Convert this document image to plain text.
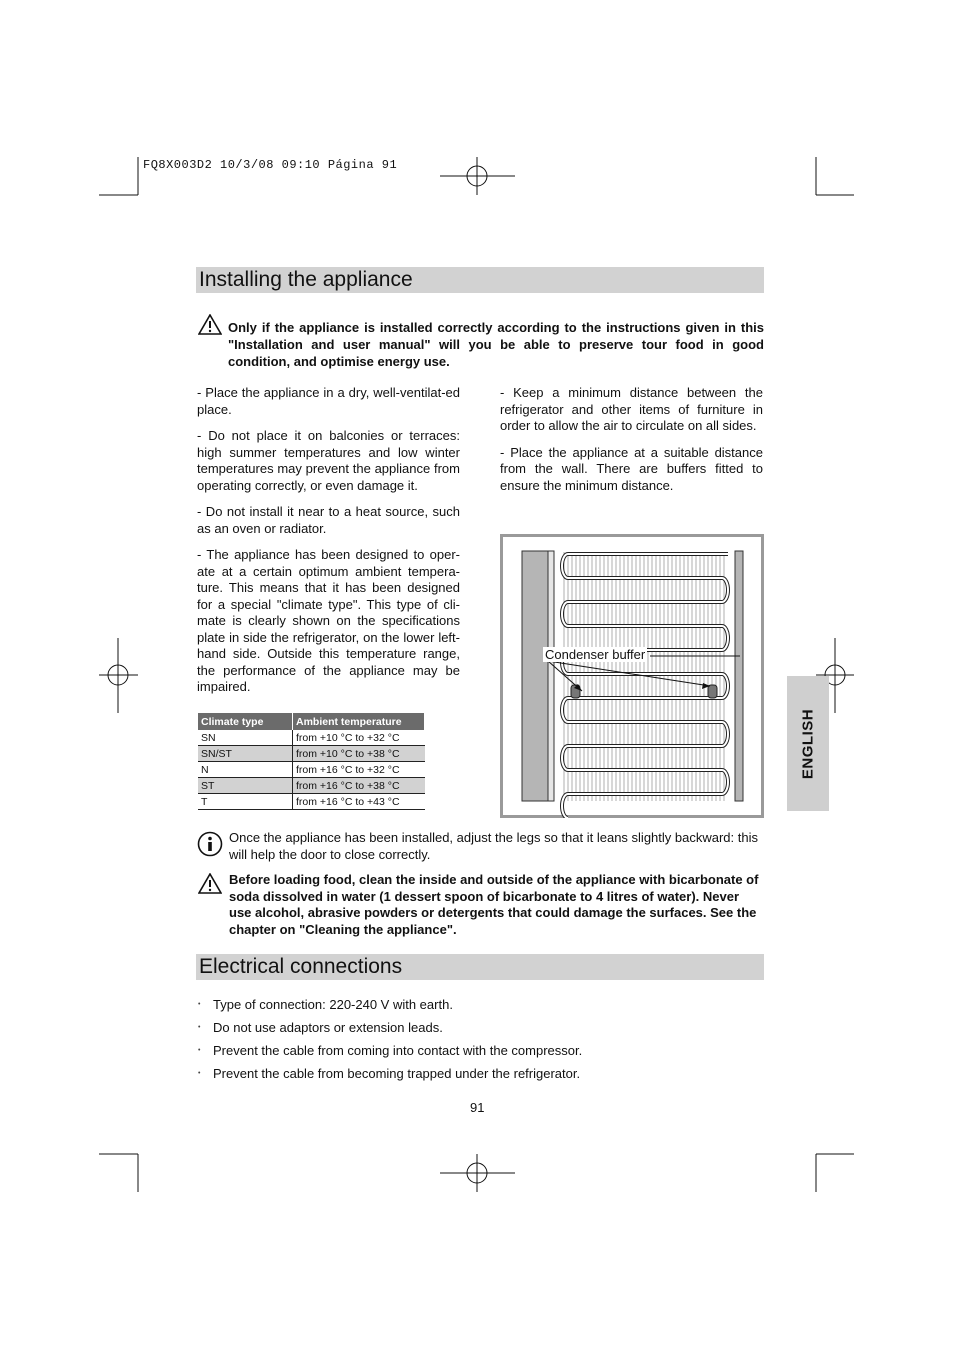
FQ8X003D2 10/3/08 09:10 Página 91
Installing the appliance
Only if the appliance is installed correctly according to the instructions given in this "Installation and user manual" will you be able to preserve tour food in good condition, and optimise energy use.

- Place the appliance in a dry, well-ventilat-ed place.

- Do not place it on balconies or terraces: high summer temperatures and low winter temperatures may prevent the appliance from operating correctly, or even damage it.

- Do not install it near to a heat source, such as an oven or radiator.

- The appliance has been designed to oper-ate at a certain optimum ambient tempera-ture. This means that it has been designed for a special "climate type". This type of cli-mate is clearly shown on the specifications plate in side the refrigerator, on the lower left-hand side. Outside this temperature range, the performance of the appliance may be impaired.

Climate type	Ambient temperature
SN	from +10 °C to +32 °C
SN/ST	from +10 °C to +38 °C
N	from +16 °C to +32 °C
ST	from +16 °C to +38 °C
T	from +16 °C to +43 °C

- Keep a minimum distance between the refrigerator and other items of furniture in order to allow the air to circulate on all sides.

- Place the appliance at a suitable distance from the wall. There are buffers fitted to ensure the minimum distance.

Condenser buffer
ENGLISH
Once the appliance has been installed, adjust the legs so that it leans slightly backward: this will help the door to close correctly.
Before loading food, clean the inside and outside of the appliance with bicarbonate of soda dissolved in water (1 dessert spoon of bicarbonate to 4 litres of water). Never use alcohol, abrasive powders or detergents that could damage the surfaces. See the chapter on "Cleaning the appliance".
Electrical connections
• Type of connection: 220-240 V with earth.
• Do not use adaptors or extension leads.
• Prevent the cable from coming into contact with the compressor.
• Prevent the cable from becoming trapped under the refrigerator.
91
